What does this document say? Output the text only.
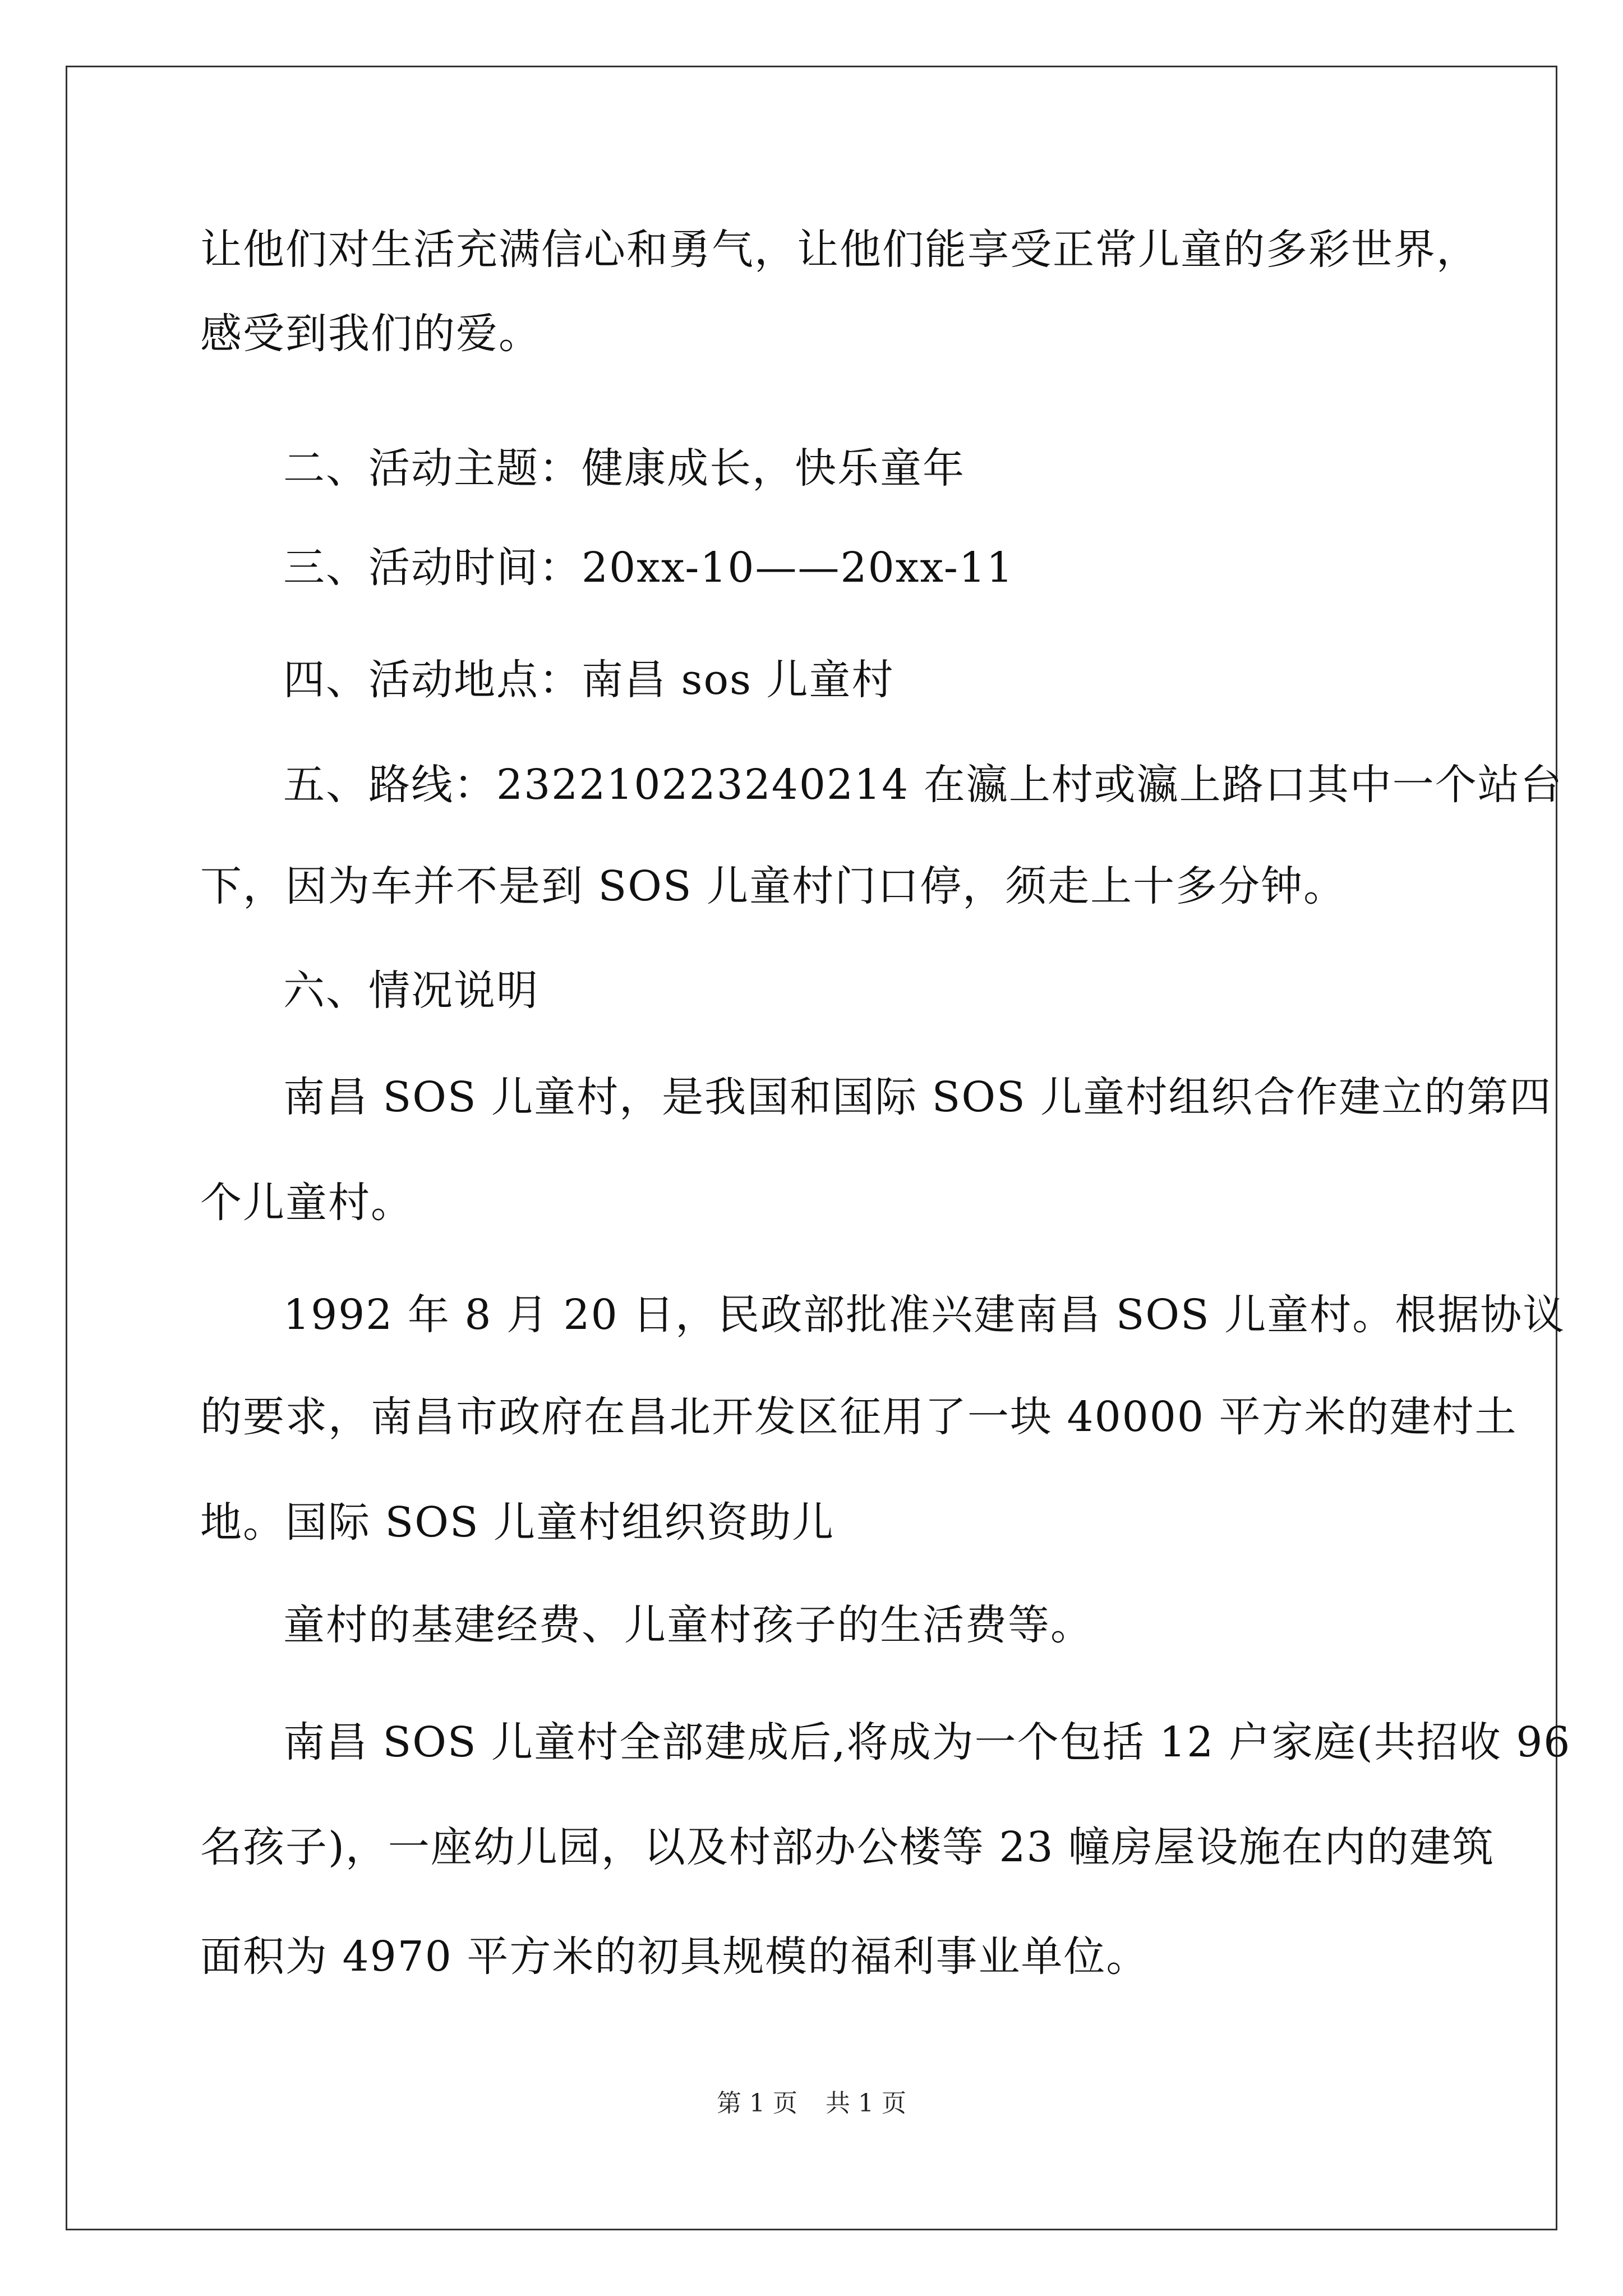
让他们对生活充满信心和勇气，让他们能享受正常儿童的多彩世界，
感受到我们的爱。
二、活动主题：健康成长，快乐童年
三、活动时间：20xx-10——20xx-11
四、活动地点：南昌 sos 儿童村
五、路线：232210223240214 在瀛上村或瀛上路口其中一个站台
下，因为车并不是到 SOS 儿童村门口停，须走上十多分钟。
六、情况说明
南昌 SOS 儿童村，是我国和国际 SOS 儿童村组织合作建立的第四
个儿童村。
1992 年 8 月 20 日，民政部批准兴建南昌 SOS 儿童村。根据协议
的要求，南昌市政府在昌北开发区征用了一块 40000 平方米的建村土
地。国际 SOS 儿童村组织资助儿
童村的基建经费、儿童村孩子的生活费等。
南昌 SOS 儿童村全部建成后,将成为一个包括 12 户家庭(共招收 96
名孩子)，一座幼儿园，以及村部办公楼等 23 幢房屋设施在内的建筑
面积为 4970 平方米的初具规模的福利事业单位。
第 1 页 共 1 页
